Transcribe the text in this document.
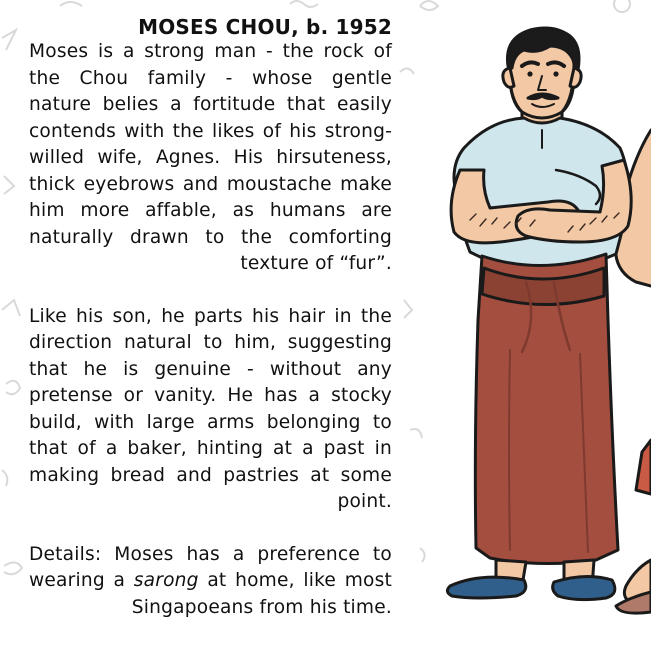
MOSES CHOU, b. 1952

Moses is a strong man - the rock of the Chou family - whose gentle nature belies a fortitude that easily contends with the likes of his strong-willed wife, Agnes. His hirsuteness, thick eyebrows and moustache make him more affable, as humans are naturally drawn to the comforting texture of “fur”.

Like his son, he parts his hair in the direction natural to him, suggesting that he is genuine - without any pretense or vanity. He has a stocky build, with large arms belonging to that of a baker, hinting at a past in making bread and pastries at some point.

Details: Moses has a preference to wearing a sarong at home, like most Singapoeans from his time.
